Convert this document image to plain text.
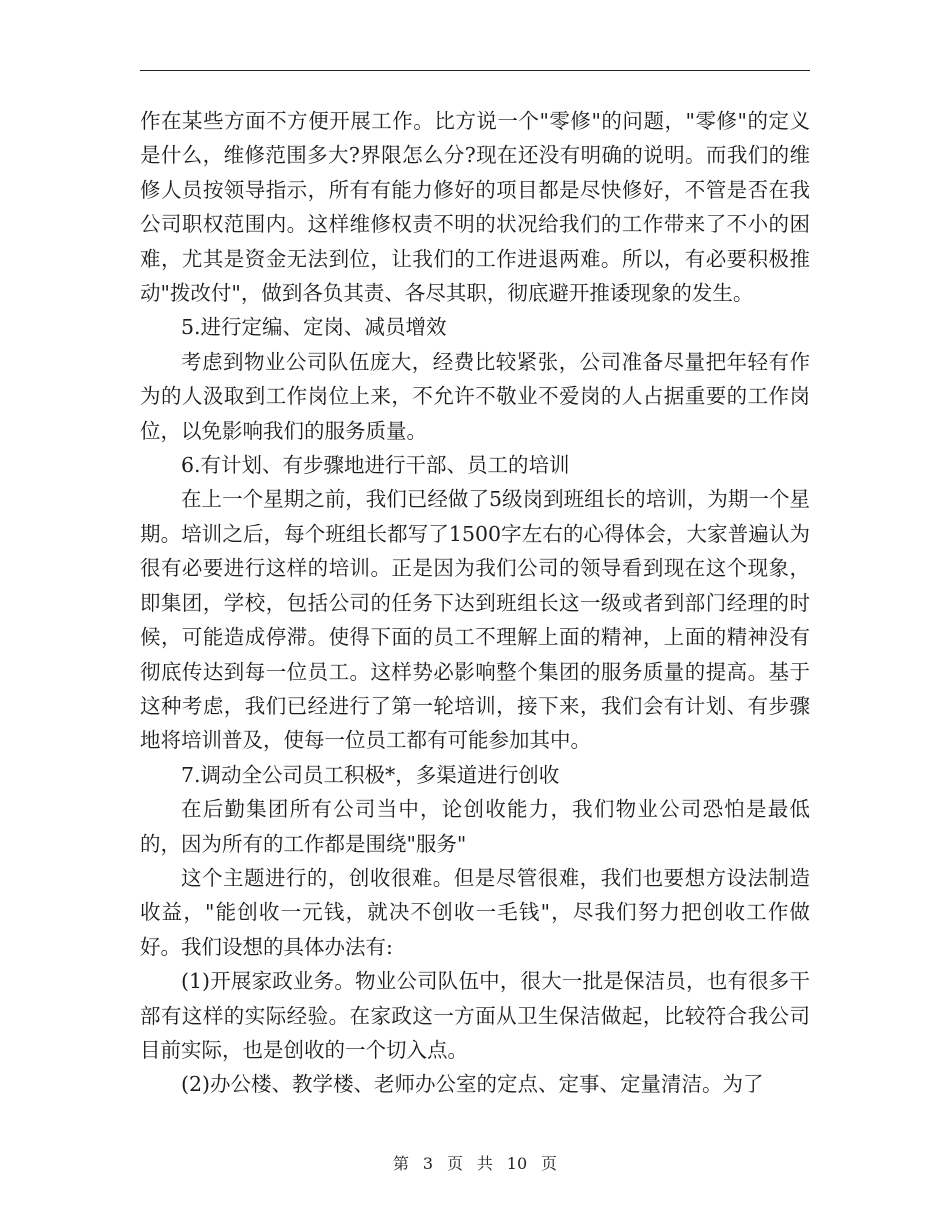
作在某些方面不方便开展工作。比方说一个"零修"的问题，"零修"的定义是什么，维修范围多大?界限怎么分?现在还没有明确的说明。而我们的维修人员按领导指示，所有有能力修好的项目都是尽快修好，不管是否在我公司职权范围内。这样维修权责不明的状况给我们的工作带来了不小的困难，尤其是资金无法到位，让我们的工作进退两难。所以，有必要积极推动"拨改付"，做到各负其责、各尽其职，彻底避开推诿现象的发生。

5.进行定编、定岗、减员增效

考虑到物业公司队伍庞大，经费比较紧张，公司准备尽量把年轻有作为的人汲取到工作岗位上来，不允许不敬业不爱岗的人占据重要的工作岗位，以免影响我们的服务质量。

6.有计划、有步骤地进行干部、员工的培训

在上一个星期之前，我们已经做了5级岗到班组长的培训，为期一个星期。培训之后，每个班组长都写了1500字左右的心得体会，大家普遍认为很有必要进行这样的培训。正是因为我们公司的领导看到现在这个现象，即集团，学校，包括公司的任务下达到班组长这一级或者到部门经理的时候，可能造成停滞。使得下面的员工不理解上面的精神，上面的精神没有彻底传达到每一位员工。这样势必影响整个集团的服务质量的提高。基于这种考虑，我们已经进行了第一轮培训，接下来，我们会有计划、有步骤地将培训普及，使每一位员工都有可能参加其中。

7.调动全公司员工积极*，多渠道进行创收

在后勤集团所有公司当中，论创收能力，我们物业公司恐怕是最低的，因为所有的工作都是围绕"服务"

这个主题进行的，创收很难。但是尽管很难，我们也要想方设法制造收益，"能创收一元钱，就决不创收一毛钱"，尽我们努力把创收工作做好。我们设想的具体办法有:

(1)开展家政业务。物业公司队伍中，很大一批是保洁员，也有很多干部有这样的实际经验。在家政这一方面从卫生保洁做起，比较符合我公司目前实际，也是创收的一个切入点。

(2)办公楼、教学楼、老师办公室的定点、定事、定量清洁。为了

第 3 页 共 10 页
